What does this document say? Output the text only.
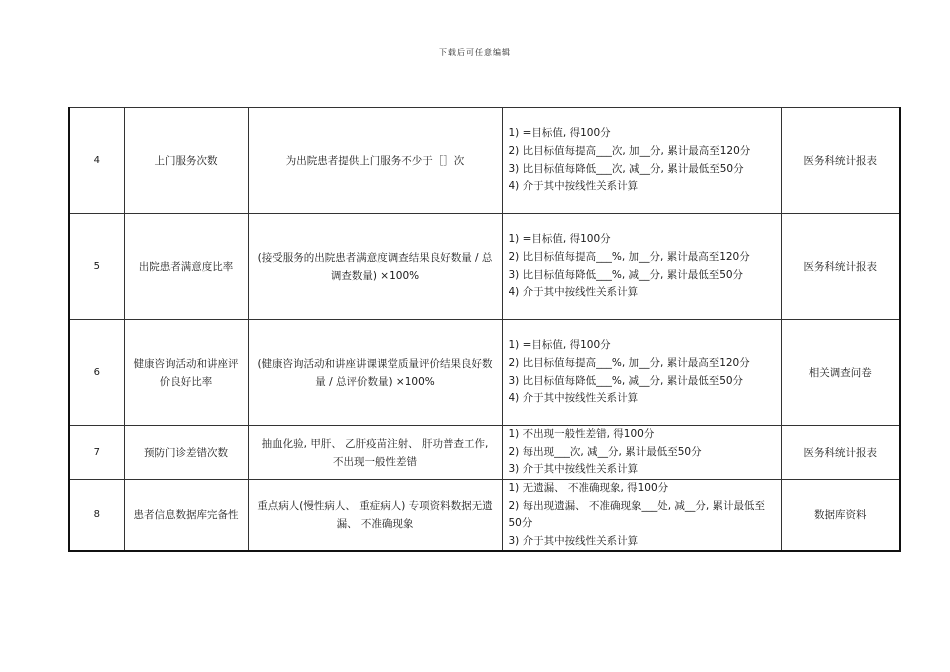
下载后可任意编辑
4	上门服务次数	为出院患者提供上门服务不少于［］次	1) =目标值, 得100分
2) 比目标值每提高___次, 加__分, 累计最高至120分
3) 比目标值每降低___次, 减__分, 累计最低至50分
4) 介于其中按线性关系计算	医务科统计报表
5	出院患者满意度比率	(接受服务的出院患者满意度调查结果良好数量 / 总调查数量) ×100%	1) =目标值, 得100分
2) 比目标值每提高___%, 加__分, 累计最高至120分
3) 比目标值每降低___%, 减__分, 累计最低至50分
4) 介于其中按线性关系计算	医务科统计报表
6	健康咨询活动和讲座评价良好比率	(健康咨询活动和讲座讲课课堂质量评价结果良好数量 / 总评价数量) ×100%	1) =目标值, 得100分
2) 比目标值每提高___%, 加__分, 累计最高至120分
3) 比目标值每降低___%, 减__分, 累计最低至50分
4) 介于其中按线性关系计算	相关调查问卷
7	预防门诊差错次数	抽血化验, 甲肝、 乙肝疫苗注射、 肝功普查工作, 不出现一般性差错	1) 不出现一般性差错, 得100分
2) 每出现___次, 减__分, 累计最低至50分
3) 介于其中按线性关系计算	医务科统计报表
8	患者信息数据库完备性	重点病人(慢性病人、 重症病人) 专项资料数据无遗漏、 不准确现象	1) 无遗漏、 不准确现象, 得100分
2) 每出现遗漏、 不准确现象___处, 减__分, 累计最低至50分
3) 介于其中按线性关系计算	数据库资料
